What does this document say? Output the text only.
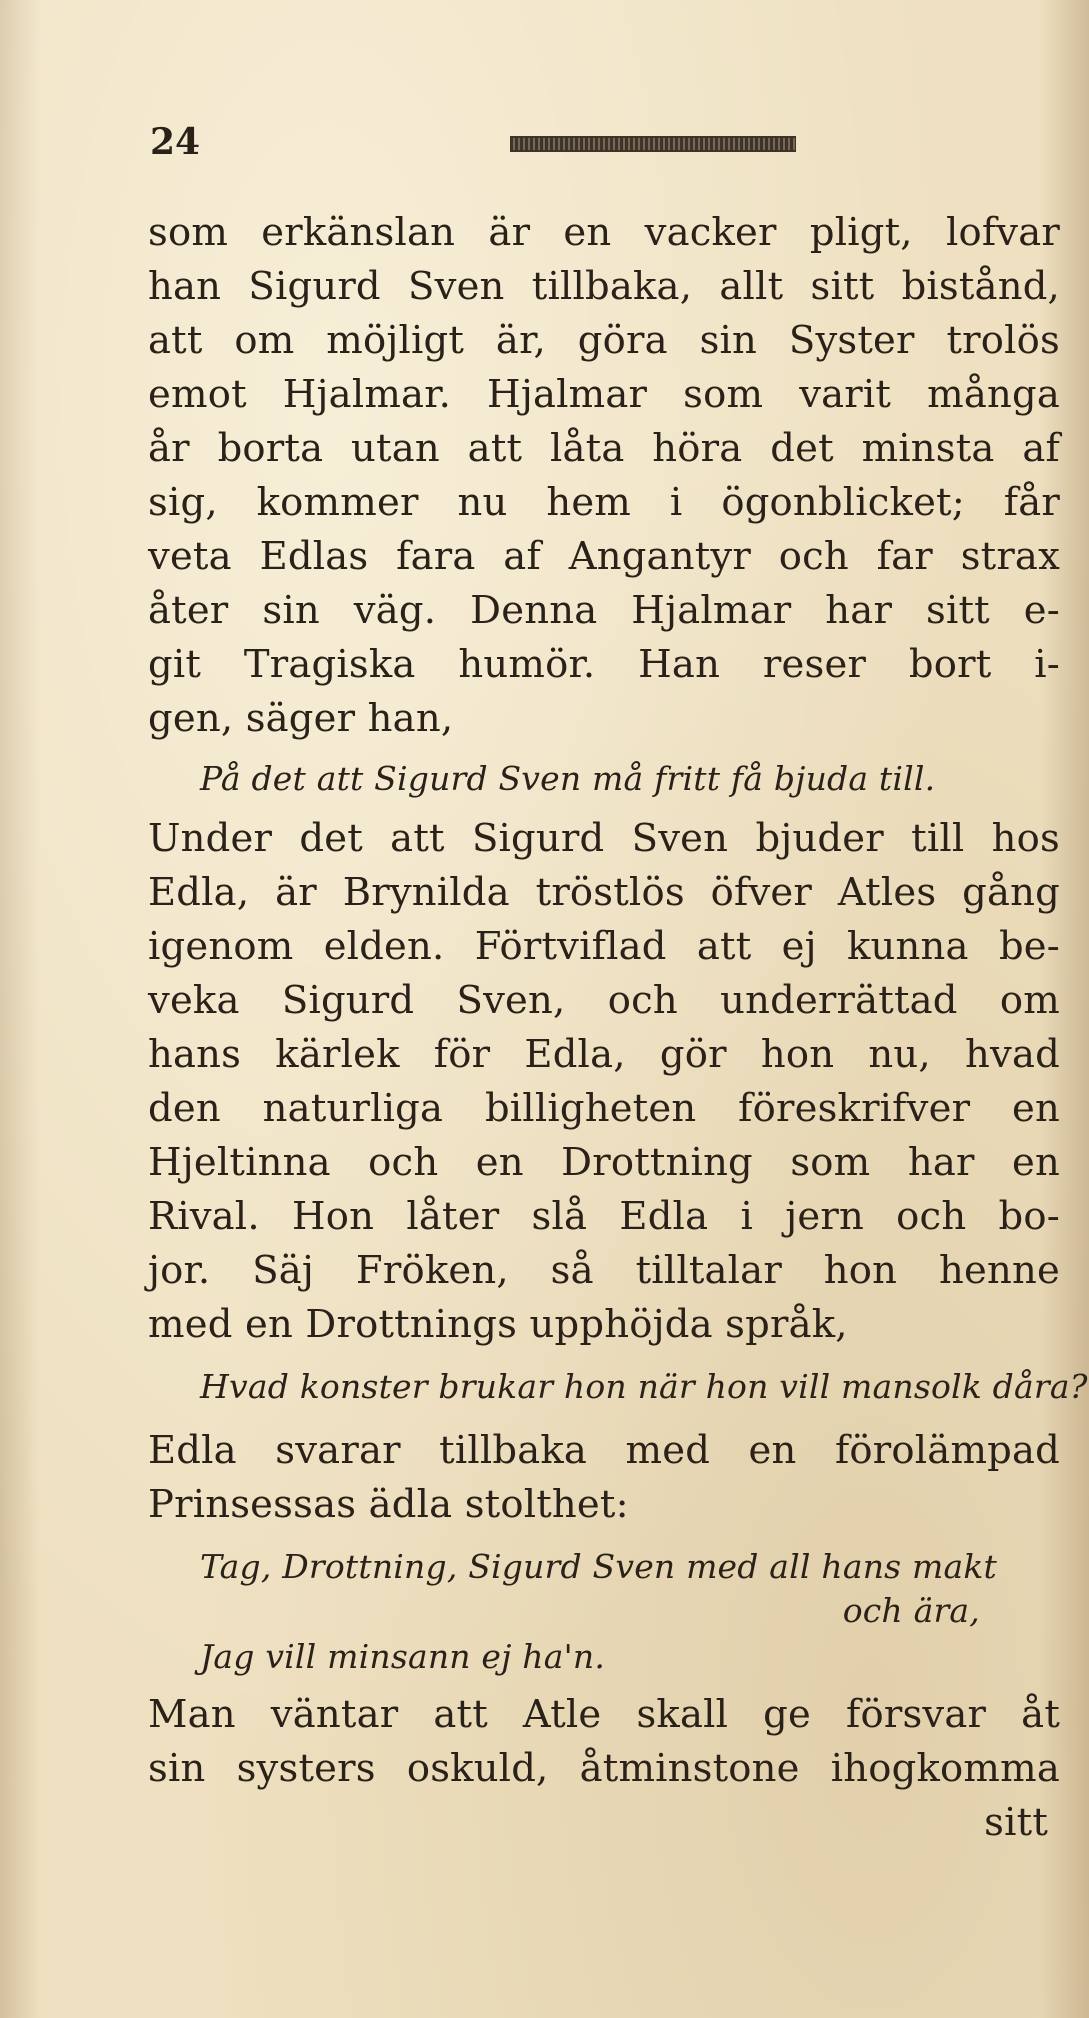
24
som erkänslan är en vacker pligt, lofvar
han Sigurd Sven tillbaka, allt sitt bistånd,
att om möjligt är, göra sin Syster trolös
emot Hjalmar. Hjalmar som varit många
år borta utan att låta höra det minsta af
sig, kommer nu hem i ögonblicket; får
veta Edlas fara af Angantyr och far strax
åter sin väg. Denna Hjalmar har sitt e-
git Tragiska humör. Han reser bort i-
gen, säger han,
På det att Sigurd Sven må fritt få bjuda till.
Under det att Sigurd Sven bjuder till hos
Edla, är Brynilda tröstlös öfver Atles gång
igenom elden. Förtviflad att ej kunna be-
veka Sigurd Sven, och underrättad om
hans kärlek för Edla, gör hon nu, hvad
den naturliga billigheten föreskrifver en
Hjeltinna och en Drottning som har en
Rival. Hon låter slå Edla i jern och bo-
jor. Säj Fröken, så tilltalar hon henne
med en Drottnings upphöjda språk,
Hvad konster brukar hon när hon vill mansolk dåra?
Edla svarar tillbaka med en förolämpad
Prinsessas ädla stolthet:
Tag, Drottning, Sigurd Sven med all hans makt
och ära,
Jag vill minsann ej ha'n.
Man väntar att Atle skall ge försvar åt
sin systers oskuld, åtminstone ihogkomma
sitt
